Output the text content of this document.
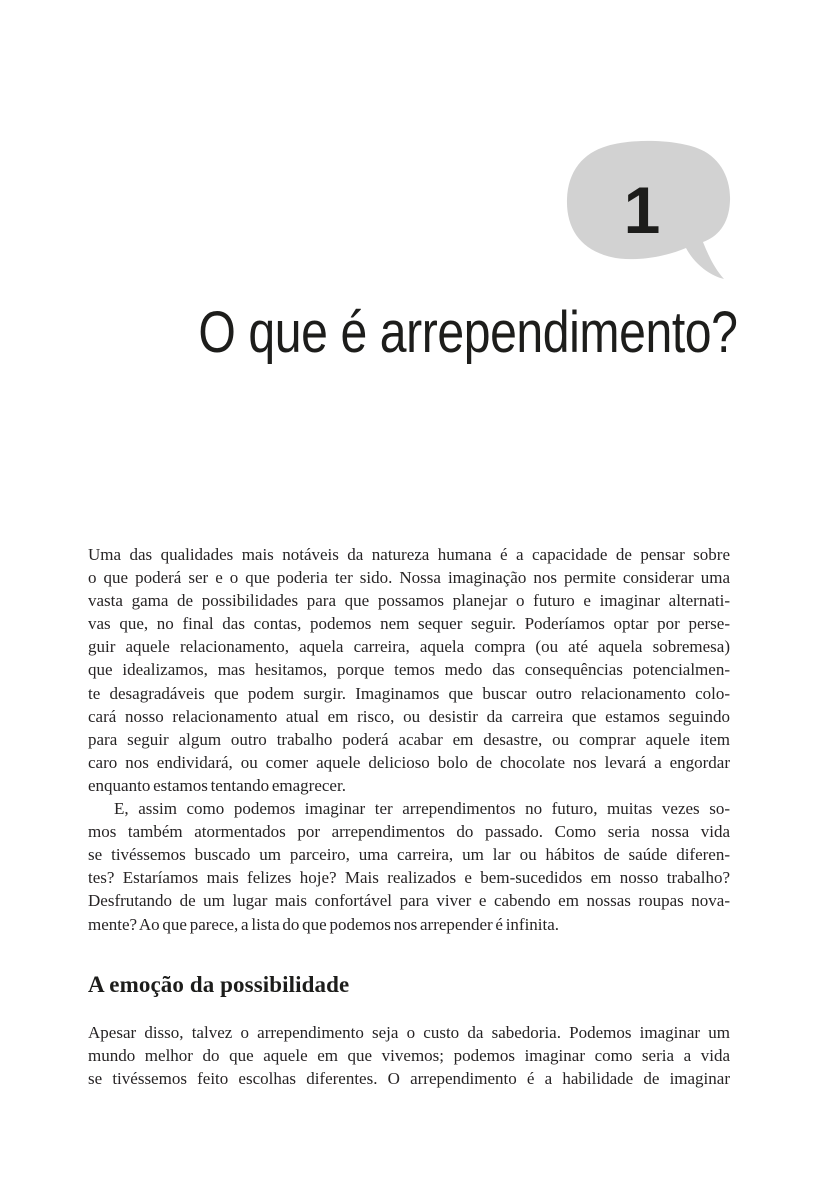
1
O que é arrependimento?
Uma das qualidades mais notáveis da natureza humana é a capacidade de pensar sobre
o que poderá ser e o que poderia ter sido. Nossa imaginação nos permite considerar uma
vasta gama de possibilidades para que possamos planejar o futuro e imaginar alternati-
vas que, no final das contas, podemos nem sequer seguir. Poderíamos optar por perse-
guir aquele relacionamento, aquela carreira, aquela compra (ou até aquela sobremesa)
que idealizamos, mas hesitamos, porque temos medo das consequências potencialmen-
te desagradáveis que podem surgir. Imaginamos que buscar outro relacionamento colo-
cará nosso relacionamento atual em risco, ou desistir da carreira que estamos seguindo
para seguir algum outro trabalho poderá acabar em desastre, ou comprar aquele item
caro nos endividará, ou comer aquele delicioso bolo de chocolate nos levará a engordar
enquanto estamos tentando emagrecer.
E, assim como podemos imaginar ter arrependimentos no futuro, muitas vezes so-
mos também atormentados por arrependimentos do passado. Como seria nossa vida
se tivéssemos buscado um parceiro, uma carreira, um lar ou hábitos de saúde diferen-
tes? Estaríamos mais felizes hoje? Mais realizados e bem-sucedidos em nosso trabalho?
Desfrutando de um lugar mais confortável para viver e cabendo em nossas roupas nova-
mente? Ao que parece, a lista do que podemos nos arrepender é infinita.
A emoção da possibilidade
Apesar disso, talvez o arrependimento seja o custo da sabedoria. Podemos imaginar um
mundo melhor do que aquele em que vivemos; podemos imaginar como seria a vida
se tivéssemos feito escolhas diferentes. O arrependimento é a habilidade de imaginar
